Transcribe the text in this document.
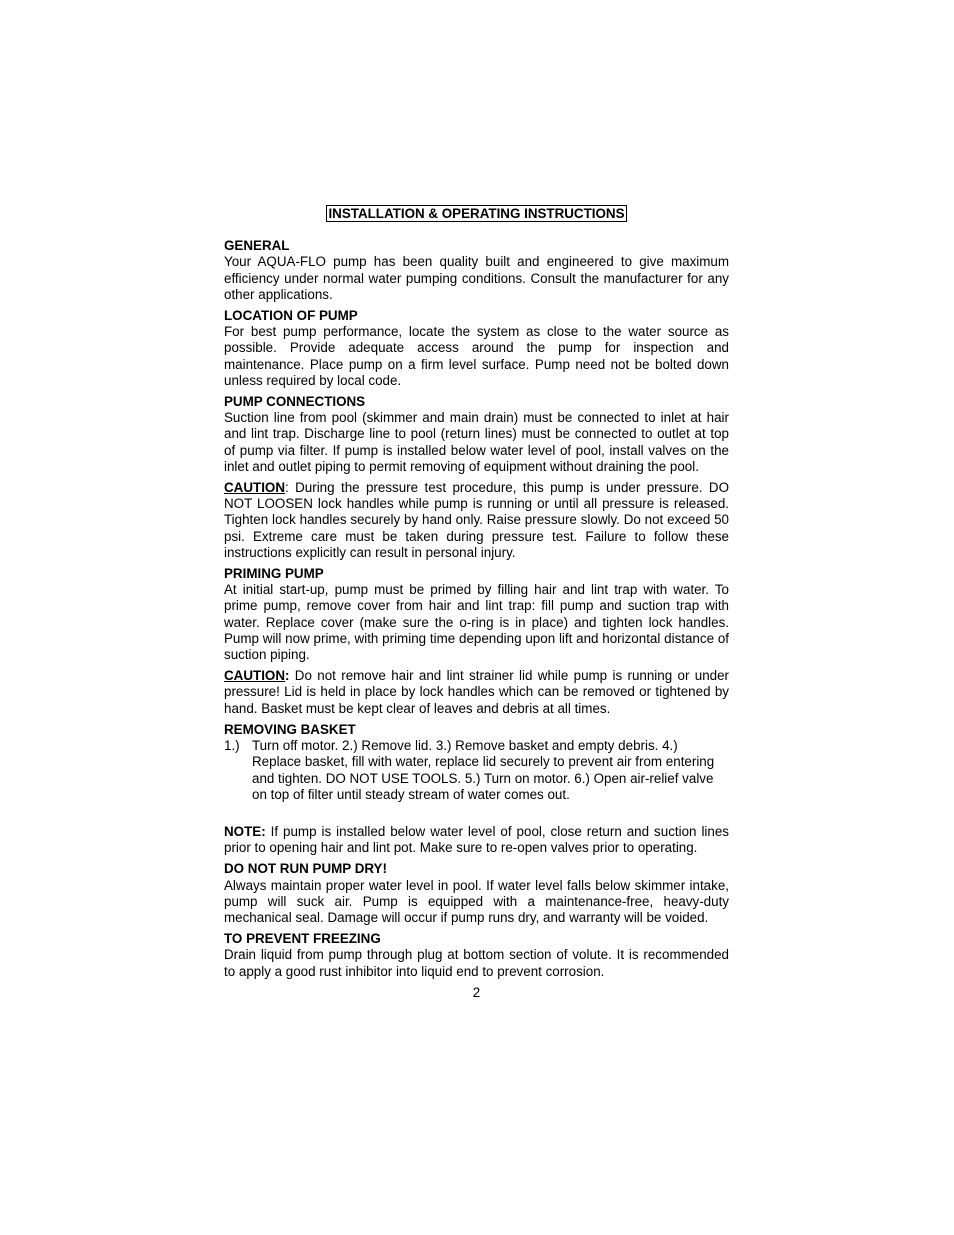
INSTALLATION & OPERATING INSTRUCTIONS

GENERAL

Your AQUA-FLO pump has been quality built and engineered to give maximum efficiency under normal water pumping conditions. Consult the manufacturer for any other applications.

LOCATION OF PUMP

For best pump performance, locate the system as close to the water source as possible. Provide adequate access around the pump for inspection and maintenance. Place pump on a firm level surface. Pump need not be bolted down unless required by local code.

PUMP CONNECTIONS

Suction line from pool (skimmer and main drain) must be connected to inlet at hair and lint trap. Discharge line to pool (return lines) must be connected to outlet at top of pump via filter. If pump is installed below water level of pool, install valves on the inlet and outlet piping to permit removing of equipment without draining the pool.

CAUTION: During the pressure test procedure, this pump is under pressure. DO NOT LOOSEN lock handles while pump is running or until all pressure is released. Tighten lock handles securely by hand only. Raise pressure slowly. Do not exceed 50 psi. Extreme care must be taken during pressure test. Failure to follow these instructions explicitly can result in personal injury.

PRIMING PUMP

At initial start-up, pump must be primed by filling hair and lint trap with water. To prime pump, remove cover from hair and lint trap: fill pump and suction trap with water. Replace cover (make sure the o-ring is in place) and tighten lock handles. Pump will now prime, with priming time depending upon lift and horizontal distance of suction piping.

CAUTION: Do not remove hair and lint strainer lid while pump is running or under pressure! Lid is held in place by lock handles which can be removed or tightened by hand. Basket must be kept clear of leaves and debris at all times.

REMOVING BASKET

1.) Turn off motor. 2.) Remove lid. 3.) Remove basket and empty debris. 4.) Replace basket, fill with water, replace lid securely to prevent air from entering and tighten. DO NOT USE TOOLS. 5.) Turn on motor. 6.) Open air-relief valve on top of filter until steady stream of water comes out.

NOTE: If pump is installed below water level of pool, close return and suction lines prior to opening hair and lint pot. Make sure to re-open valves prior to operating.

DO NOT RUN PUMP DRY!

Always maintain proper water level in pool. If water level falls below skimmer intake, pump will suck air. Pump is equipped with a maintenance-free, heavy-duty mechanical seal. Damage will occur if pump runs dry, and warranty will be voided.

TO PREVENT FREEZING

Drain liquid from pump through plug at bottom section of volute. It is recommended to apply a good rust inhibitor into liquid end to prevent corrosion.

2
